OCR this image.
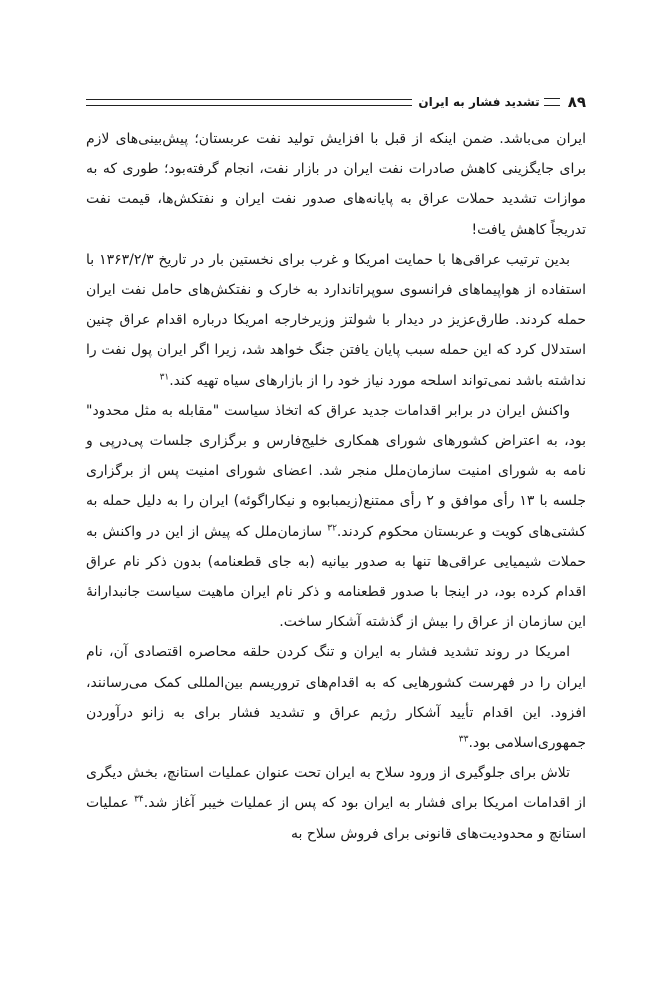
۸۹
تشدید فشار به ایران

ایران می‌باشد. ضمن اینکه از قبل با افزایش تولید نفت عربستان؛ پیش‌بینی‌های لازم برای جایگزینی کاهش صادرات نفت ایران در بازار نفت، انجام گرفته‌بود؛ طوری که به موازات تشدید حملات عراق به پایانه‌های صدور نفت ایران و نفتکش‌ها، قیمت نفت تدریجاً کاهش یافت!

بدین ترتیب عراقی‌ها با حمایت امریکا و غرب برای نخستین بار در تاریخ ۱۳۶۳/۲/۳ با استفاده از هواپیماهای فرانسوی سوپراتاندارد به خارک و نفتکش‌های حامل نفت ایران حمله کردند. طارق‌عزیز در دیدار با شولتز وزیرخارجه امریکا درباره اقدام عراق چنین استدلال کرد که این حمله سبب پایان یافتن جنگ خواهد شد، زیرا اگر ایران پول نفت را نداشته باشد نمی‌تواند اسلحه مورد نیاز خود را از بازارهای سیاه تهیه کند.$^{۳۱}$

واکنش ایران در برابر اقدامات جدید عراق که اتخاذ سیاست "مقابله به مثل محدود" بود، به اعتراض کشورهای شورای همکاری خلیج‌فارس و برگزاری جلسات پی‌درپی و نامه به شورای امنیت سازمان‌ملل منجر شد. اعضای شورای امنیت پس از برگزاری جلسه با ۱۳ رأی موافق و ۲ رأی ممتنع(زیمبابوه و نیکاراگوئه) ایران را به دلیل حمله به کشتی‌های کویت و عربستان محکوم کردند.$^{۳۲}$ سازمان‌ملل که پیش از این در واکنش به حملات شیمیایی عراقی‌ها تنها به صدور بیانیه (به جای قطعنامه) بدون ذکر نام عراق اقدام کرده بود، در اینجا با صدور قطعنامه و ذکر نام ایران ماهیت سیاست جانبدارانهٔ این سازمان از عراق را بیش از گذشته آشکار ساخت.

امریکا در روند تشدید فشار به ایران و تنگ کردن حلقه محاصره اقتصادی آن، نام ایران را در فهرست کشورهایی که به اقدام‌های تروریسم بین‌المللی کمک می‌رسانند، افزود. این اقدام تأیید آشکار رژیم عراق و تشدید فشار برای به زانو درآوردن جمهوری‌اسلامی بود.$^{۳۳}$

تلاش برای جلوگیری از ورود سلاح به ایران تحت عنوان عملیات استانچ، بخش دیگری از اقدامات امریکا برای فشار به ایران بود که پس از عملیات خیبر آغاز شد.$^{۳۴}$ عملیات استانچ و محدودیت‌های قانونی برای فروش سلاح به
